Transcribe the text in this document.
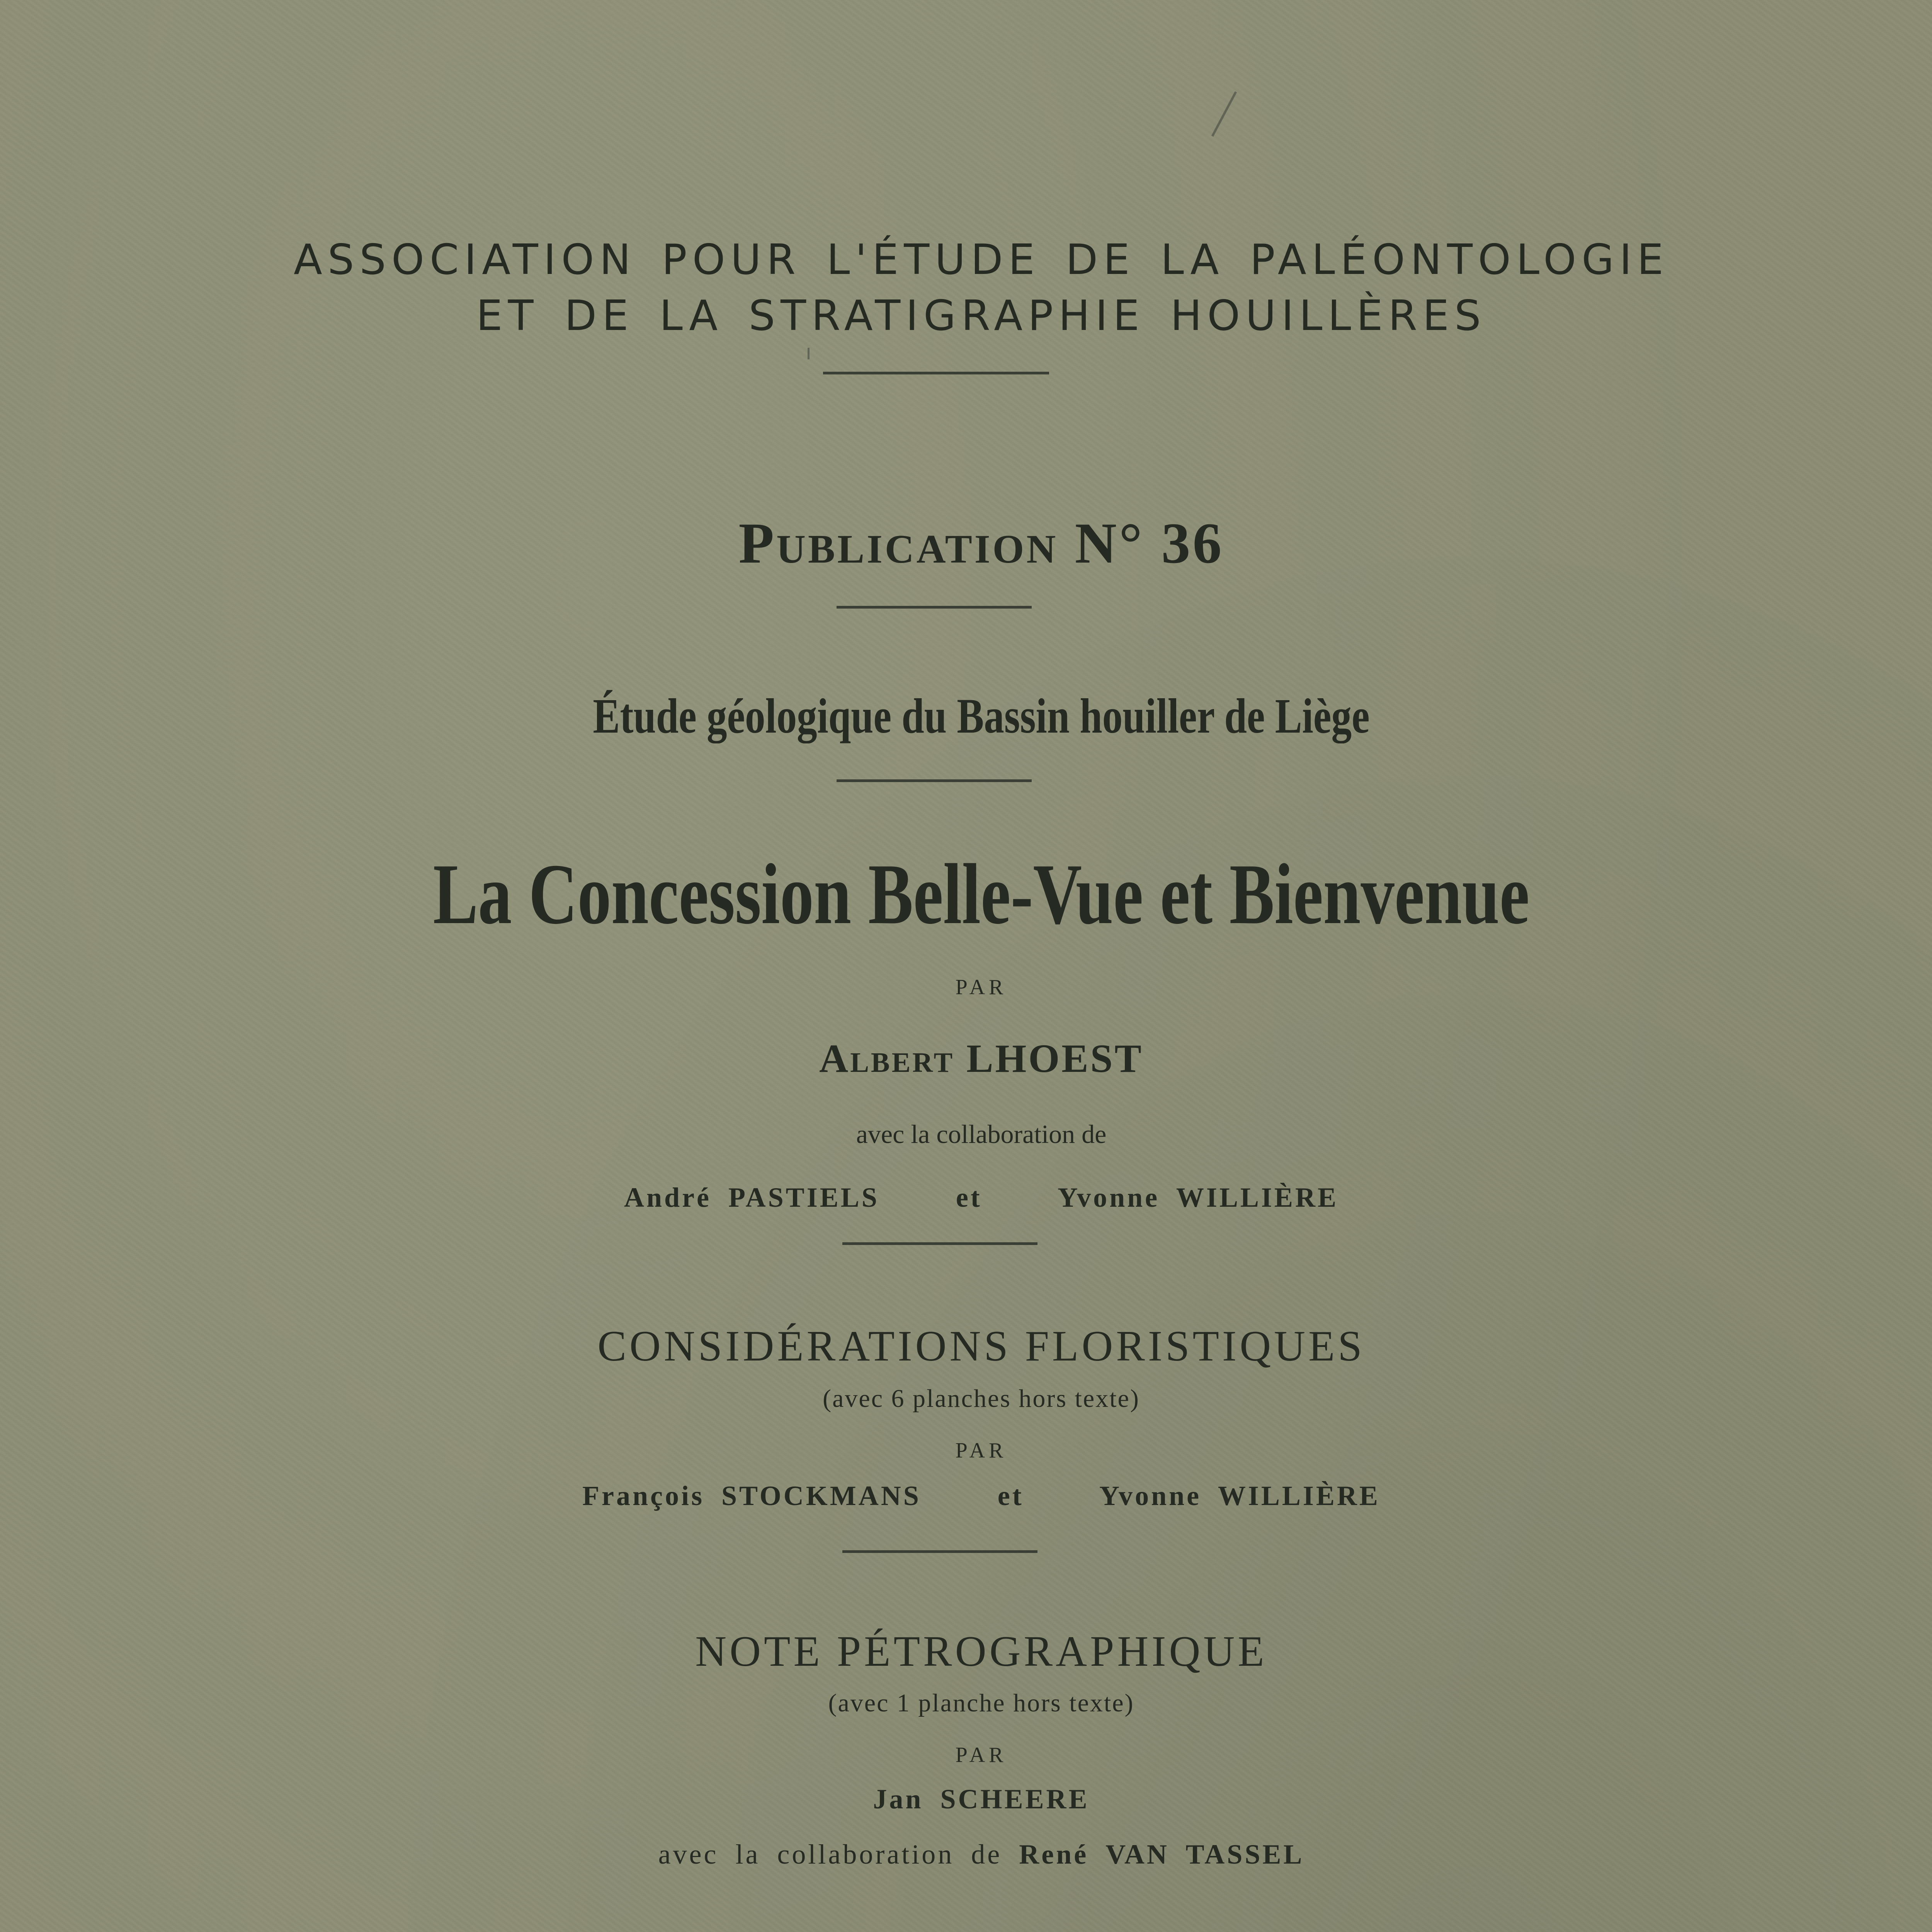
ASSOCIATION POUR L'ÉTUDE DE LA PALÉONTOLOGIE
ET DE LA STRATIGRAPHIE HOUILLÈRES
Publication N° 36
Étude géologique du Bassin houiller de Liège
La Concession Belle-Vue et Bienvenue
PAR
Albert LHOEST
avec la collaboration de
André PASTIELS	et	Yvonne WILLIÈRE
CONSIDÉRATIONS FLORISTIQUES
(avec 6 planches hors texte)
PAR
François STOCKMANS	et	Yvonne WILLIÈRE
NOTE PÉTROGRAPHIQUE
(avec 1 planche hors texte)
PAR
Jan SCHEERE
avec la collaboration de René VAN TASSEL
